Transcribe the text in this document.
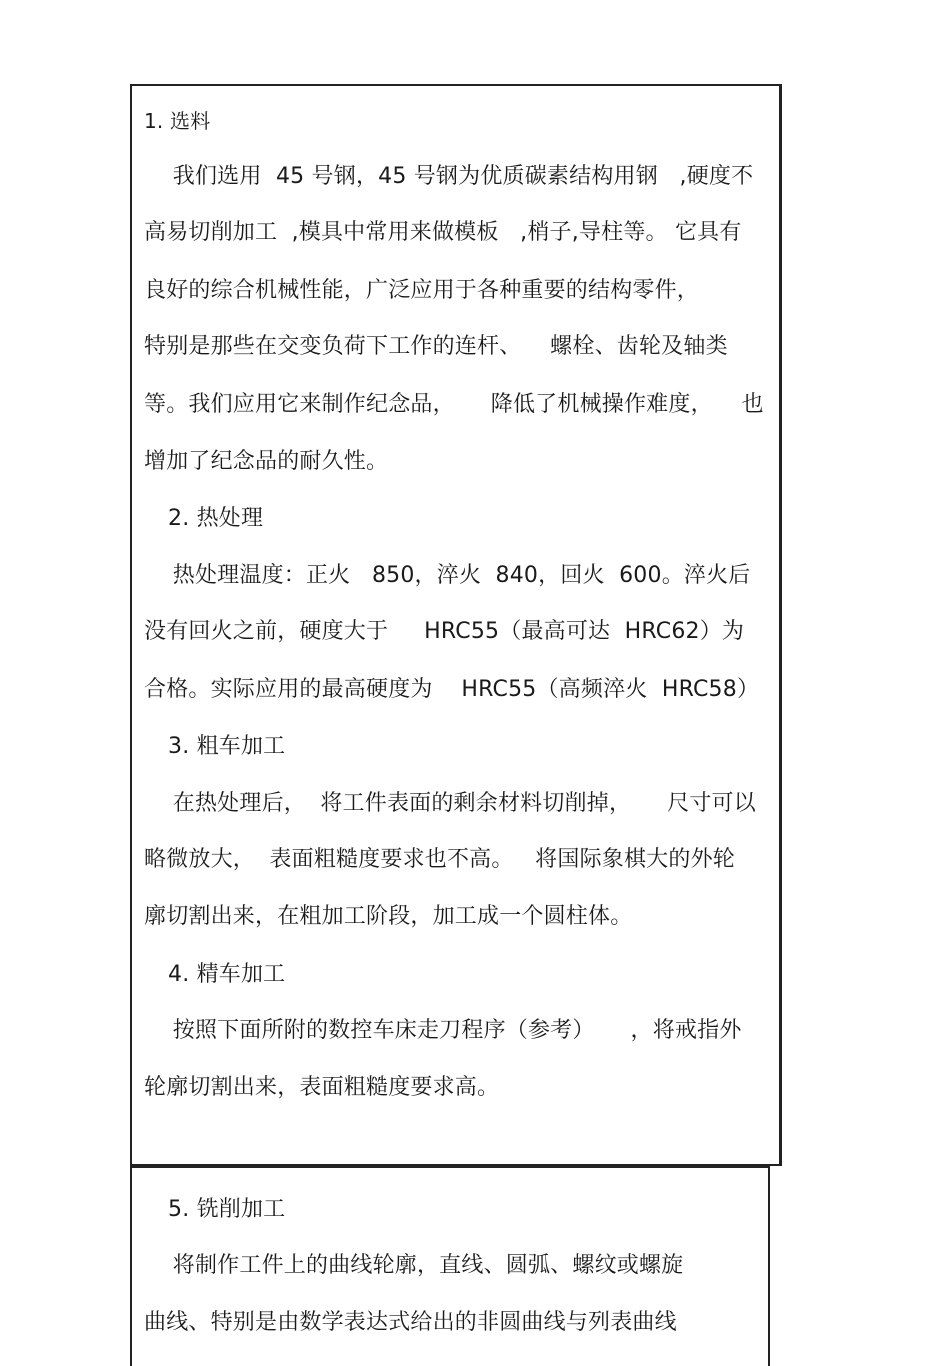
1. 选料
我们选用  45 号钢，45 号钢为优质碳素结构用钢   ,硬度不
高易切削加工  ,模具中常用来做模板   ,梢子,导柱等。 它具有
良好的综合机械性能，广泛应用于各种重要的结构零件，
特别是那些在交变负荷下工作的连杆、    螺栓、齿轮及轴类
等。我们应用它来制作纪念品，     降低了机械操作难度，    也
增加了纪念品的耐久性。
2. 热处理
热处理温度：正火   850，淬火  840，回火  600。淬火后
没有回火之前，硬度大于     HRC55（最高可达  HRC62）为
合格。实际应用的最高硬度为    HRC55（高频淬火  HRC58）
3. 粗车加工
在热处理后，  将工件表面的剩余材料切削掉，     尺寸可以
略微放大，  表面粗糙度要求也不高。   将国际象棋大的外轮
廓切割出来，在粗加工阶段，加工成一个圆柱体。
4. 精车加工
按照下面所附的数控车床走刀程序（参考）     ，将戒指外
轮廓切割出来，表面粗糙度要求高。
5. 铣削加工
将制作工件上的曲线轮廓，直线、圆弧、螺纹或螺旋
曲线、特别是由数学表达式给出的非圆曲线与列表曲线
